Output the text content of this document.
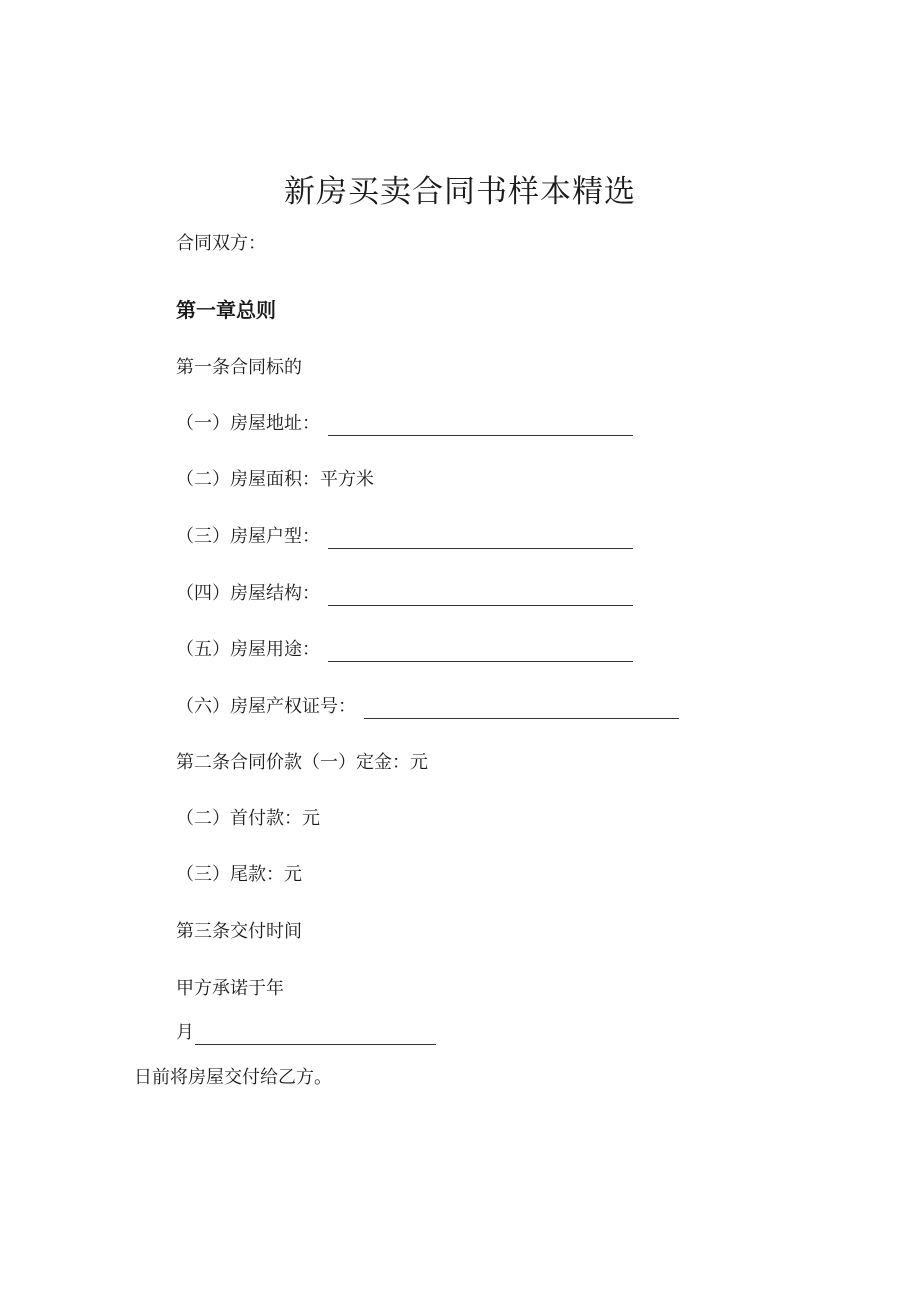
新房买卖合同书样本精选
合同双方：
第一章总则
第一条合同标的
（一）房屋地址：
（二）房屋面积：平方米
（三）房屋户型：
（四）房屋结构：
（五）房屋用途：
（六）房屋产权证号：
第二条合同价款（一）定金：元
（二）首付款：元
（三）尾款：元
第三条交付时间
甲方承诺于年
月
日前将房屋交付给乙方。
